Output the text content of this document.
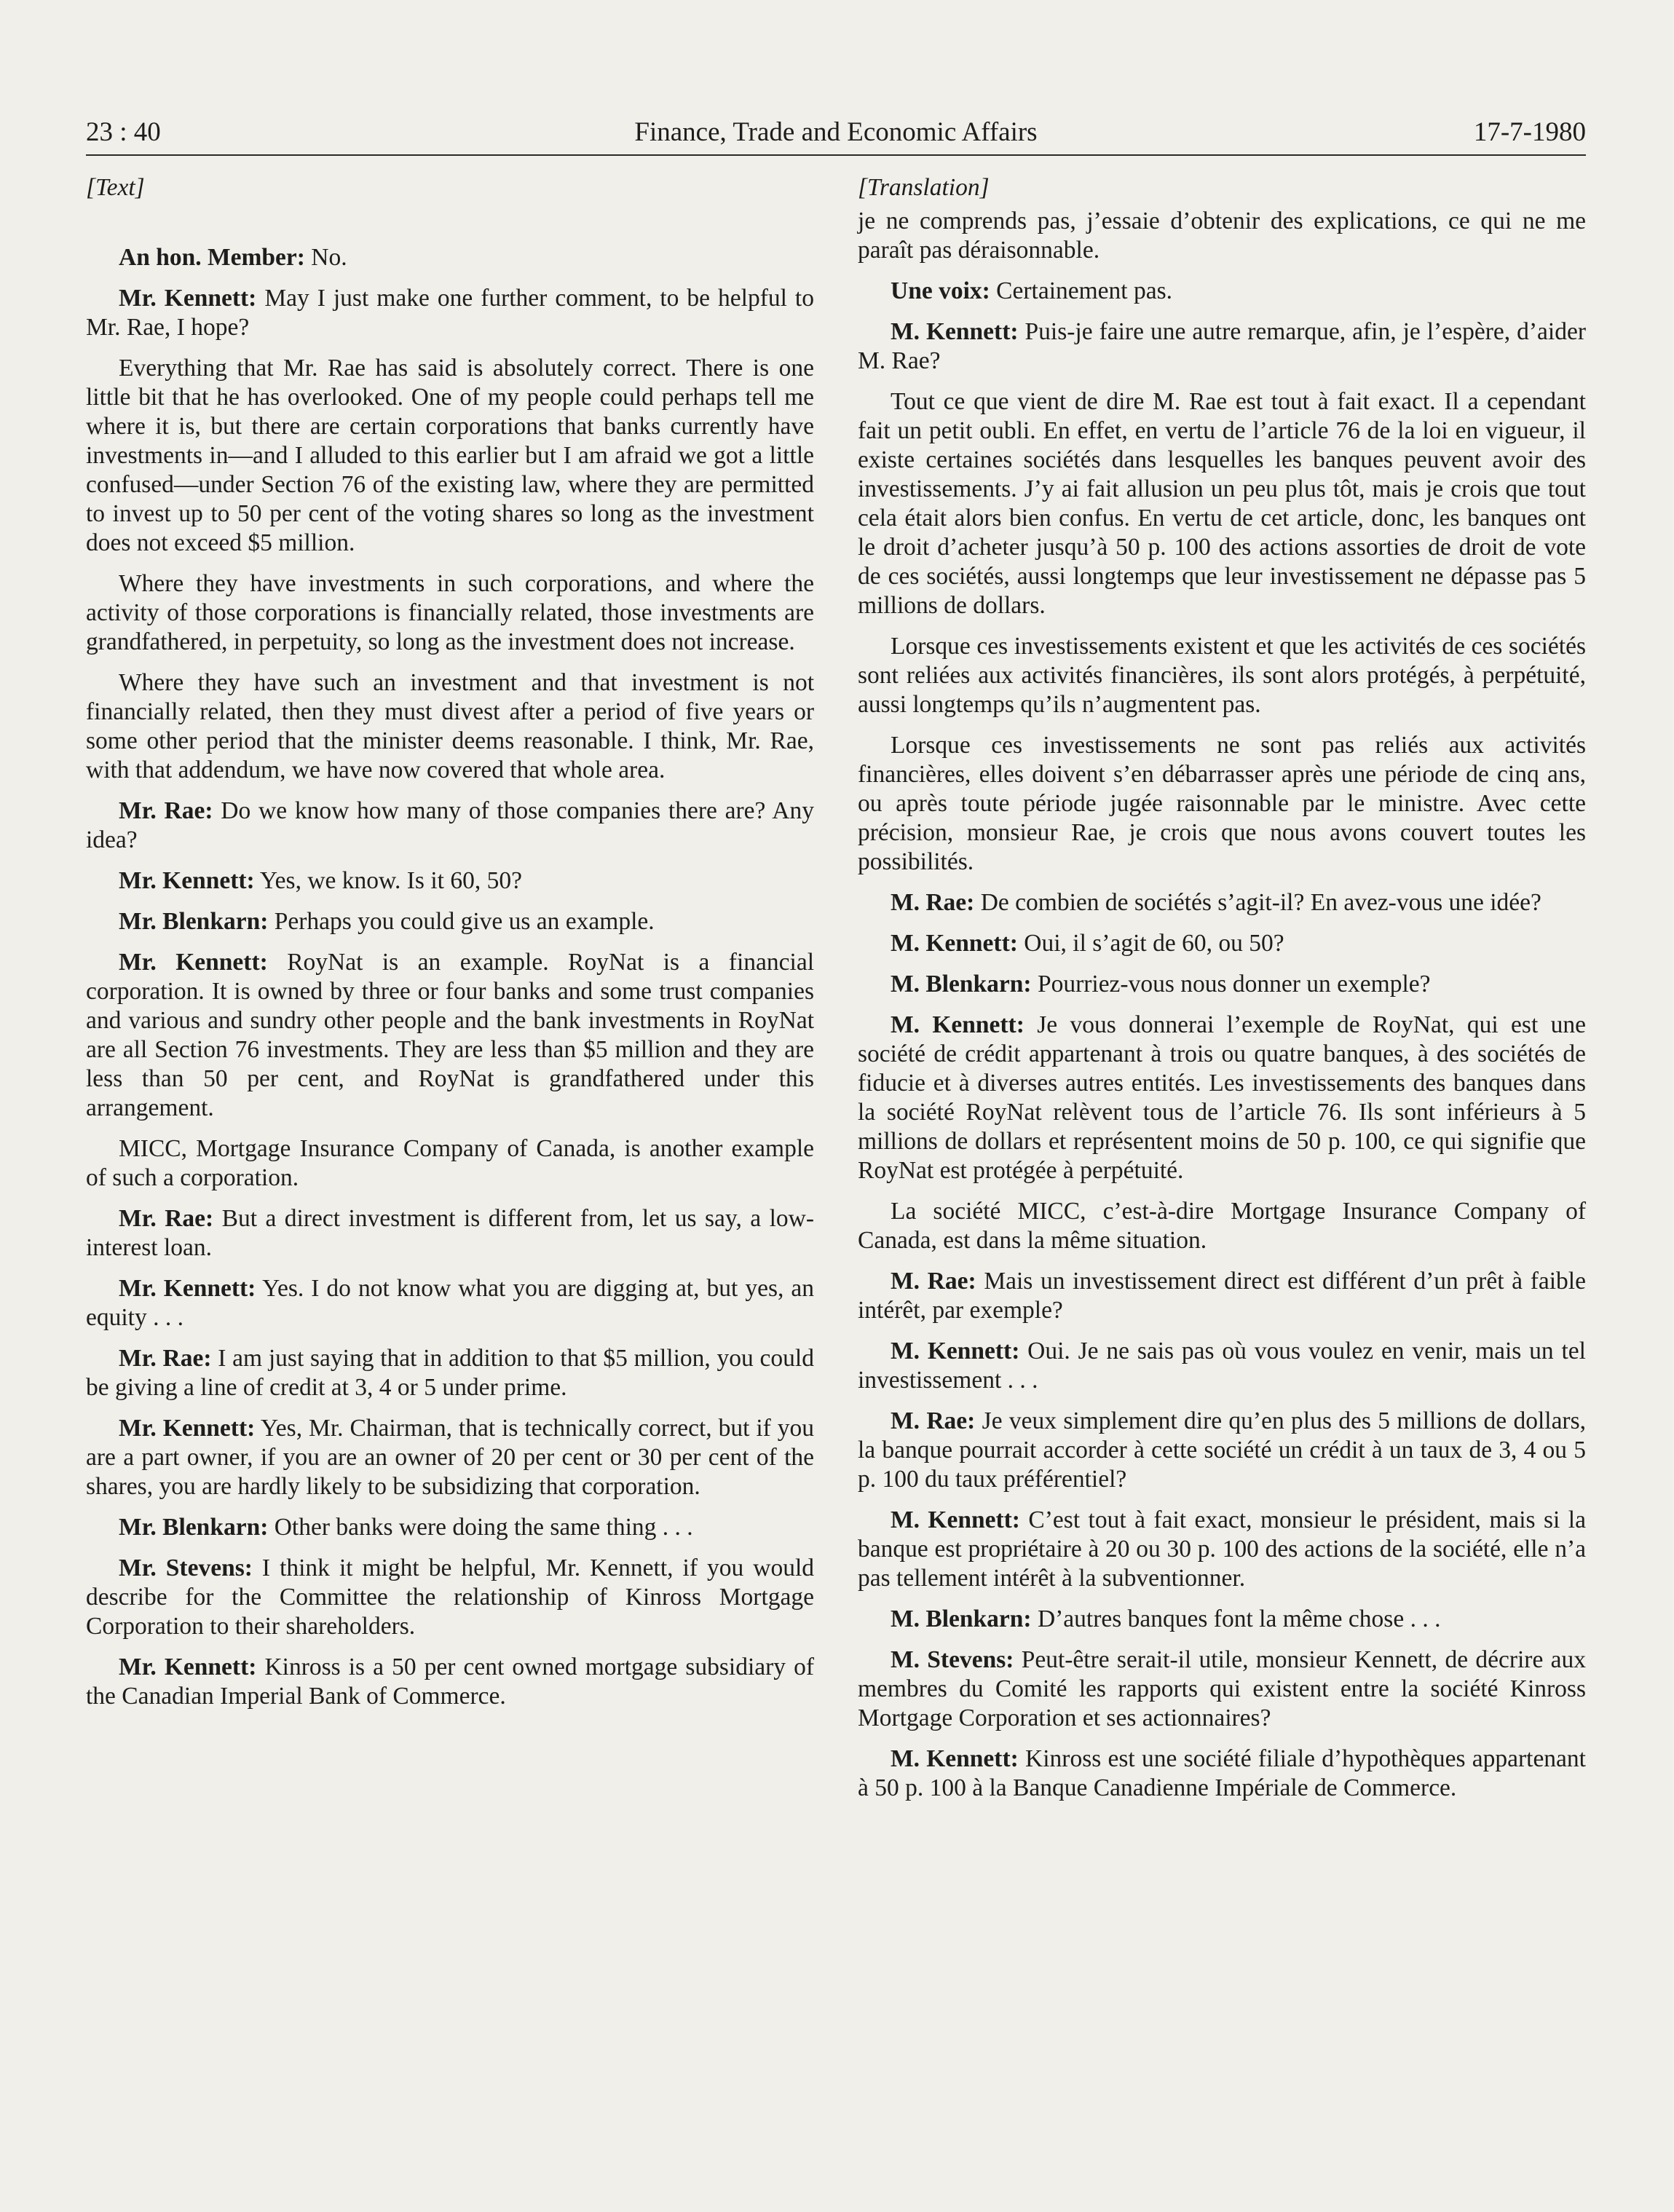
23 : 40	Finance, Trade and Economic Affairs	17-7-1980
[Text]

An hon. Member: No.

Mr. Kennett: May I just make one further comment, to be helpful to Mr. Rae, I hope?

Everything that Mr. Rae has said is absolutely correct. There is one little bit that he has overlooked. One of my people could perhaps tell me where it is, but there are certain corporations that banks currently have investments in—and I alluded to this earlier but I am afraid we got a little confused—under Section 76 of the existing law, where they are permitted to invest up to 50 per cent of the voting shares so long as the investment does not exceed $5 million.

Where they have investments in such corporations, and where the activity of those corporations is financially related, those investments are grandfathered, in perpetuity, so long as the investment does not increase.

Where they have such an investment and that investment is not financially related, then they must divest after a period of five years or some other period that the minister deems reasonable. I think, Mr. Rae, with that addendum, we have now covered that whole area.

Mr. Rae: Do we know how many of those companies there are? Any idea?

Mr. Kennett: Yes, we know. Is it 60, 50?

Mr. Blenkarn: Perhaps you could give us an example.

Mr. Kennett: RoyNat is an example. RoyNat is a financial corporation. It is owned by three or four banks and some trust companies and various and sundry other people and the bank investments in RoyNat are all Section 76 investments. They are less than $5 million and they are less than 50 per cent, and RoyNat is grandfathered under this arrangement.

MICC, Mortgage Insurance Company of Canada, is another example of such a corporation.

Mr. Rae: But a direct investment is different from, let us say, a low-interest loan.

Mr. Kennett: Yes. I do not know what you are digging at, but yes, an equity . . .

Mr. Rae: I am just saying that in addition to that $5 million, you could be giving a line of credit at 3, 4 or 5 under prime.

Mr. Kennett: Yes, Mr. Chairman, that is technically correct, but if you are a part owner, if you are an owner of 20 per cent or 30 per cent of the shares, you are hardly likely to be subsidizing that corporation.

Mr. Blenkarn: Other banks were doing the same thing . . .

Mr. Stevens: I think it might be helpful, Mr. Kennett, if you would describe for the Committee the relationship of Kinross Mortgage Corporation to their shareholders.

Mr. Kennett: Kinross is a 50 per cent owned mortgage subsidiary of the Canadian Imperial Bank of Commerce.

[Translation]

je ne comprends pas, j’essaie d’obtenir des explications, ce qui ne me paraît pas déraisonnable.

Une voix: Certainement pas.

M. Kennett: Puis-je faire une autre remarque, afin, je l’espère, d’aider M. Rae?

Tout ce que vient de dire M. Rae est tout à fait exact. Il a cependant fait un petit oubli. En effet, en vertu de l’article 76 de la loi en vigueur, il existe certaines sociétés dans lesquelles les banques peuvent avoir des investissements. J’y ai fait allusion un peu plus tôt, mais je crois que tout cela était alors bien confus. En vertu de cet article, donc, les banques ont le droit d’acheter jusqu’à 50 p. 100 des actions assorties de droit de vote de ces sociétés, aussi longtemps que leur investissement ne dépasse pas 5 millions de dollars.

Lorsque ces investissements existent et que les activités de ces sociétés sont reliées aux activités financières, ils sont alors protégés, à perpétuité, aussi longtemps qu’ils n’augmentent pas.

Lorsque ces investissements ne sont pas reliés aux activités financières, elles doivent s’en débarrasser après une période de cinq ans, ou après toute période jugée raisonnable par le ministre. Avec cette précision, monsieur Rae, je crois que nous avons couvert toutes les possibilités.

M. Rae: De combien de sociétés s’agit-il? En avez-vous une idée?

M. Kennett: Oui, il s’agit de 60, ou 50?

M. Blenkarn: Pourriez-vous nous donner un exemple?

M. Kennett: Je vous donnerai l’exemple de RoyNat, qui est une société de crédit appartenant à trois ou quatre banques, à des sociétés de fiducie et à diverses autres entités. Les investissements des banques dans la société RoyNat relèvent tous de l’article 76. Ils sont inférieurs à 5 millions de dollars et représentent moins de 50 p. 100, ce qui signifie que RoyNat est protégée à perpétuité.

La société MICC, c’est-à-dire Mortgage Insurance Company of Canada, est dans la même situation.

M. Rae: Mais un investissement direct est différent d’un prêt à faible intérêt, par exemple?

M. Kennett: Oui. Je ne sais pas où vous voulez en venir, mais un tel investissement . . .

M. Rae: Je veux simplement dire qu’en plus des 5 millions de dollars, la banque pourrait accorder à cette société un crédit à un taux de 3, 4 ou 5 p. 100 du taux préférentiel?

M. Kennett: C’est tout à fait exact, monsieur le président, mais si la banque est propriétaire à 20 ou 30 p. 100 des actions de la société, elle n’a pas tellement intérêt à la subventionner.

M. Blenkarn: D’autres banques font la même chose . . .

M. Stevens: Peut-être serait-il utile, monsieur Kennett, de décrire aux membres du Comité les rapports qui existent entre la société Kinross Mortgage Corporation et ses actionnaires?

M. Kennett: Kinross est une société filiale d’hypothèques appartenant à 50 p. 100 à la Banque Canadienne Impériale de Commerce.
